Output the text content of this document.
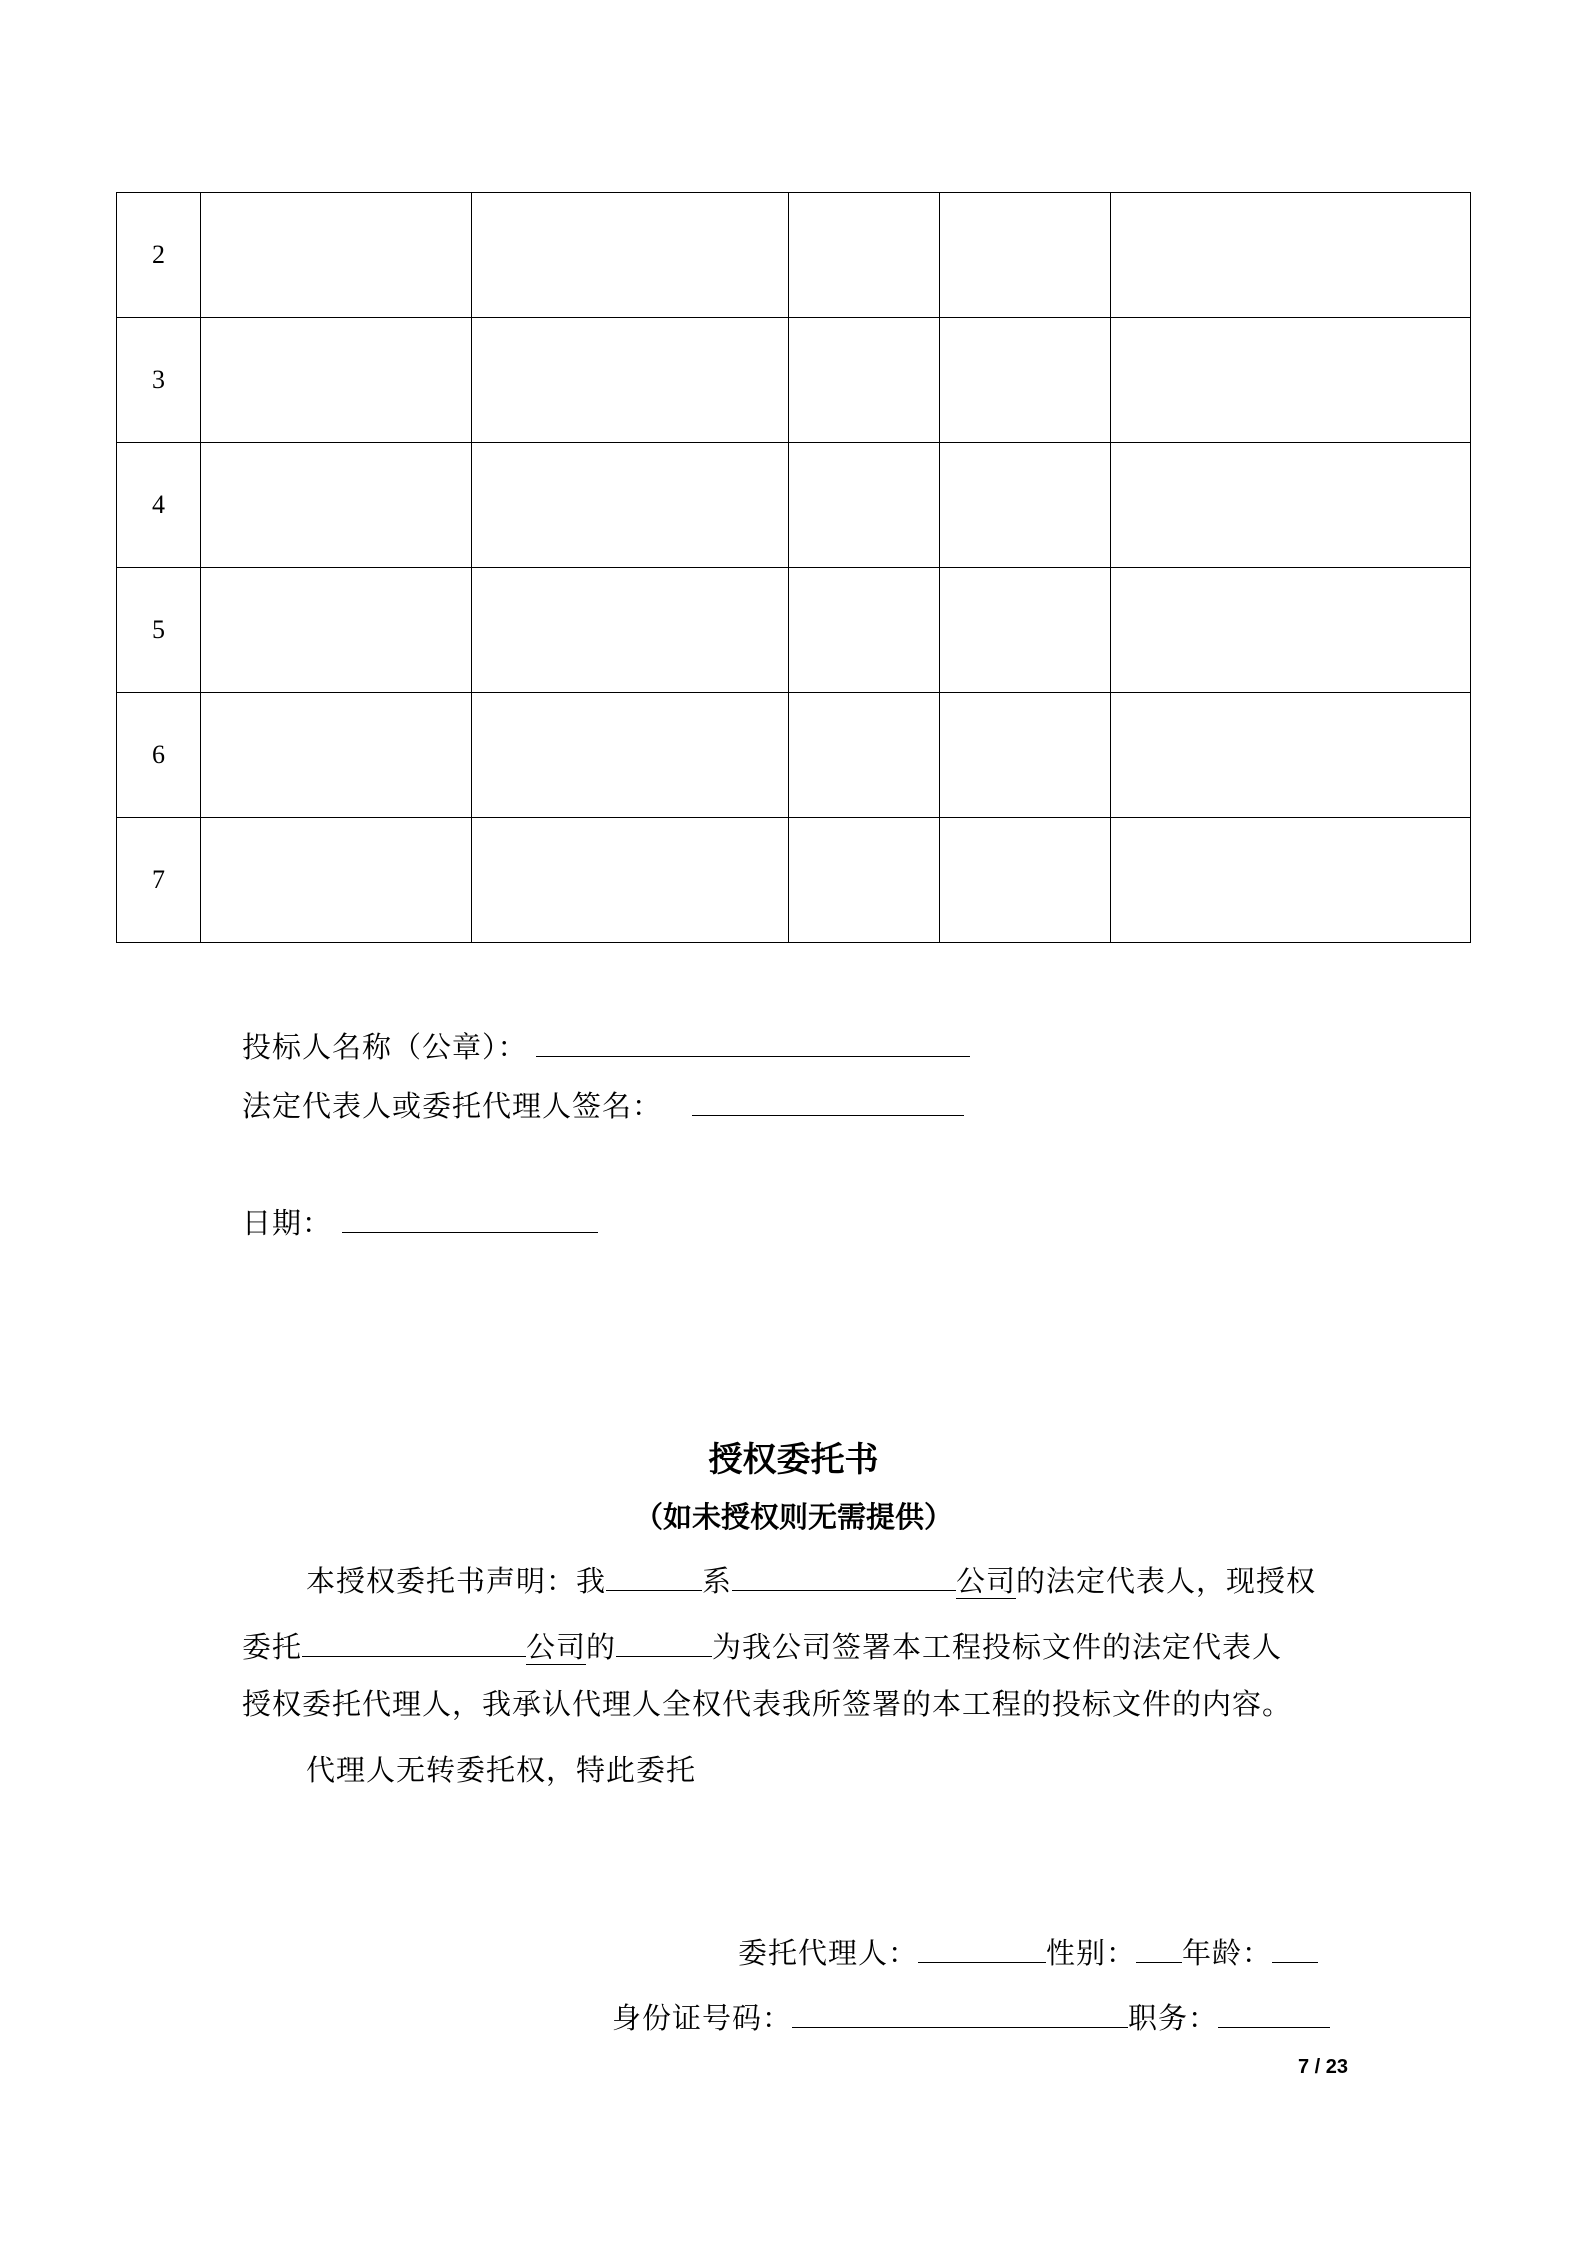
2					
3					
4					
5					
6					
7					
投标人名称（公章）：
法定代表人或委托代理人签名：
日期：
授权委托书
（如未授权则无需提供）
本授权委托书声明：我	系	公司的法定代表人，现授权
委托	公司的	为我公司签署本工程投标文件的法定代表人
授权委托代理人，我承认代理人全权代表我所签署的本工程的投标文件的内容。
代理人无转委托权，特此委托
委托代理人：	性别： 年龄：
身份证号码：	职务：
7 / 23
